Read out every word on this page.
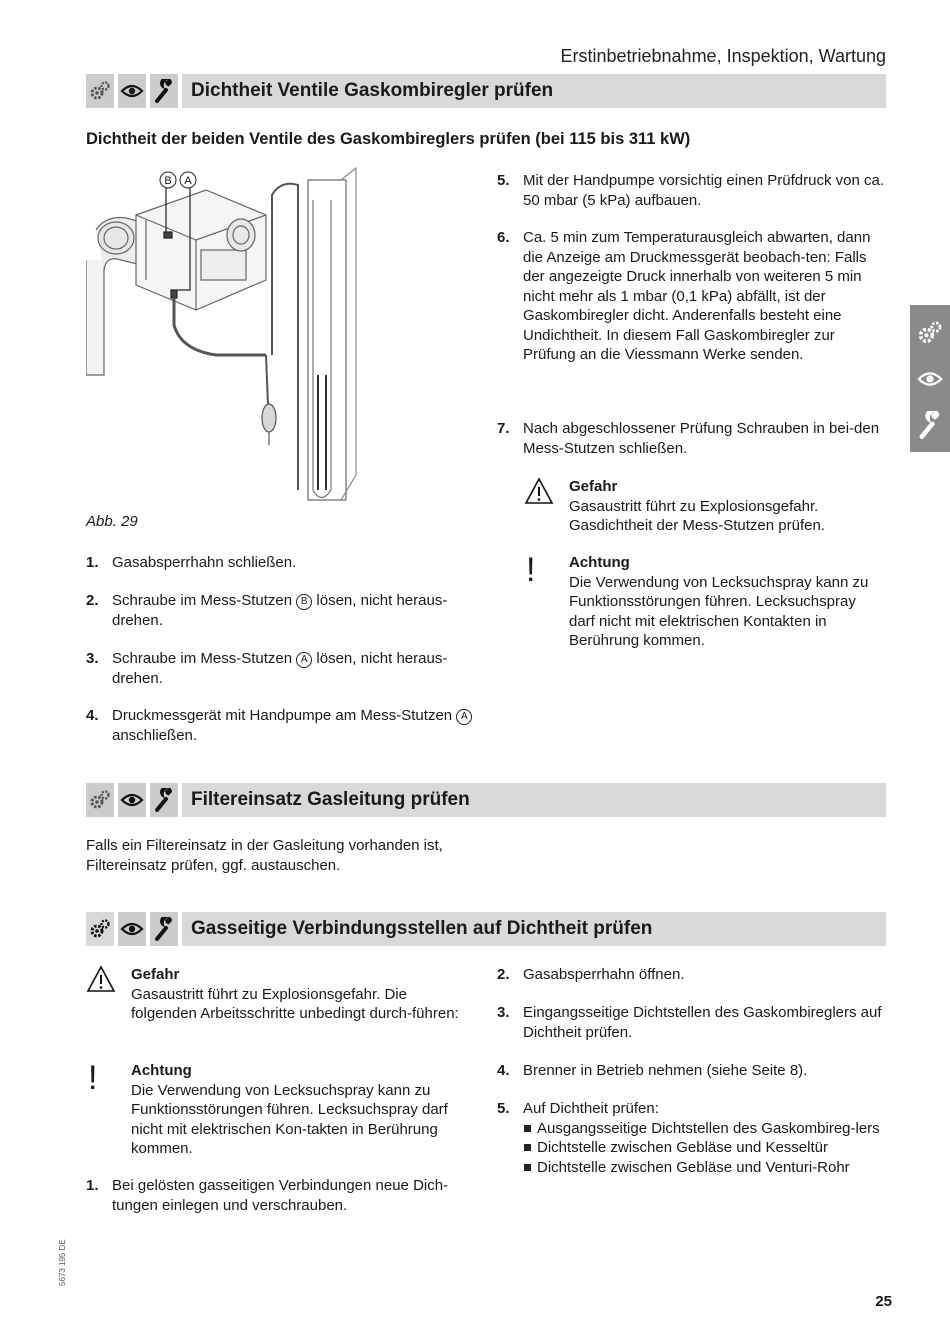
Erstinbetriebnahme, Inspektion, Wartung
Dichtheit Ventile Gaskombiregler prüfen
Dichtheit der beiden Ventile des Gaskombireglers prüfen (bei 115 bis 311 kW)
B A
Abb. 29
1. Gasabsperrhahn schließen.
2. Schraube im Mess-Stutzen B lösen, nicht heraus-drehen.
3. Schraube im Mess-Stutzen A lösen, nicht heraus-drehen.
4. Druckmessgerät mit Handpumpe am Mess-Stutzen A anschließen.
5. Mit der Handpumpe vorsichtig einen Prüfdruck von ca. 50 mbar (5 kPa) aufbauen.
6. Ca. 5 min zum Temperaturausgleich abwarten, dann die Anzeige am Druckmessgerät beobach-ten: Falls der angezeigte Druck innerhalb von weiteren 5 min nicht mehr als 1 mbar (0,1 kPa) abfällt, ist der Gaskombiregler dicht. Anderenfalls besteht eine Undichtheit. In diesem Fall Gaskombiregler zur Prüfung an die Viessmann Werke senden.
7. Nach abgeschlossener Prüfung Schrauben in bei-den Mess-Stutzen schließen.
Gefahr
Gasaustritt führt zu Explosionsgefahr. Gasdichtheit der Mess-Stutzen prüfen.
! Achtung
Die Verwendung von Lecksuchspray kann zu Funktionsstörungen führen. Lecksuchspray darf nicht mit elektrischen Kontakten in Berührung kommen.
Filtereinsatz Gasleitung prüfen
Falls ein Filtereinsatz in der Gasleitung vorhanden ist, Filtereinsatz prüfen, ggf. austauschen.
Gasseitige Verbindungsstellen auf Dichtheit prüfen
Gefahr
Gasaustritt führt zu Explosionsgefahr. Die folgenden Arbeitsschritte unbedingt durch-führen:
! Achtung
Die Verwendung von Lecksuchspray kann zu Funktionsstörungen führen. Lecksuchspray darf nicht mit elektrischen Kon-takten in Berührung kommen.
1. Bei gelösten gasseitigen Verbindungen neue Dich-tungen einlegen und verschrauben.
2. Gasabsperrhahn öffnen.
3. Eingangsseitige Dichtstellen des Gaskombireglers auf Dichtheit prüfen.
4. Brenner in Betrieb nehmen (siehe Seite 8).
5. Auf Dichtheit prüfen:
Ausgangsseitige Dichtstellen des Gaskombireg-lers
Dichtstelle zwischen Gebläse und Kesseltür
Dichtstelle zwischen Gebläse und Venturi-Rohr
5673 195 DE
25
